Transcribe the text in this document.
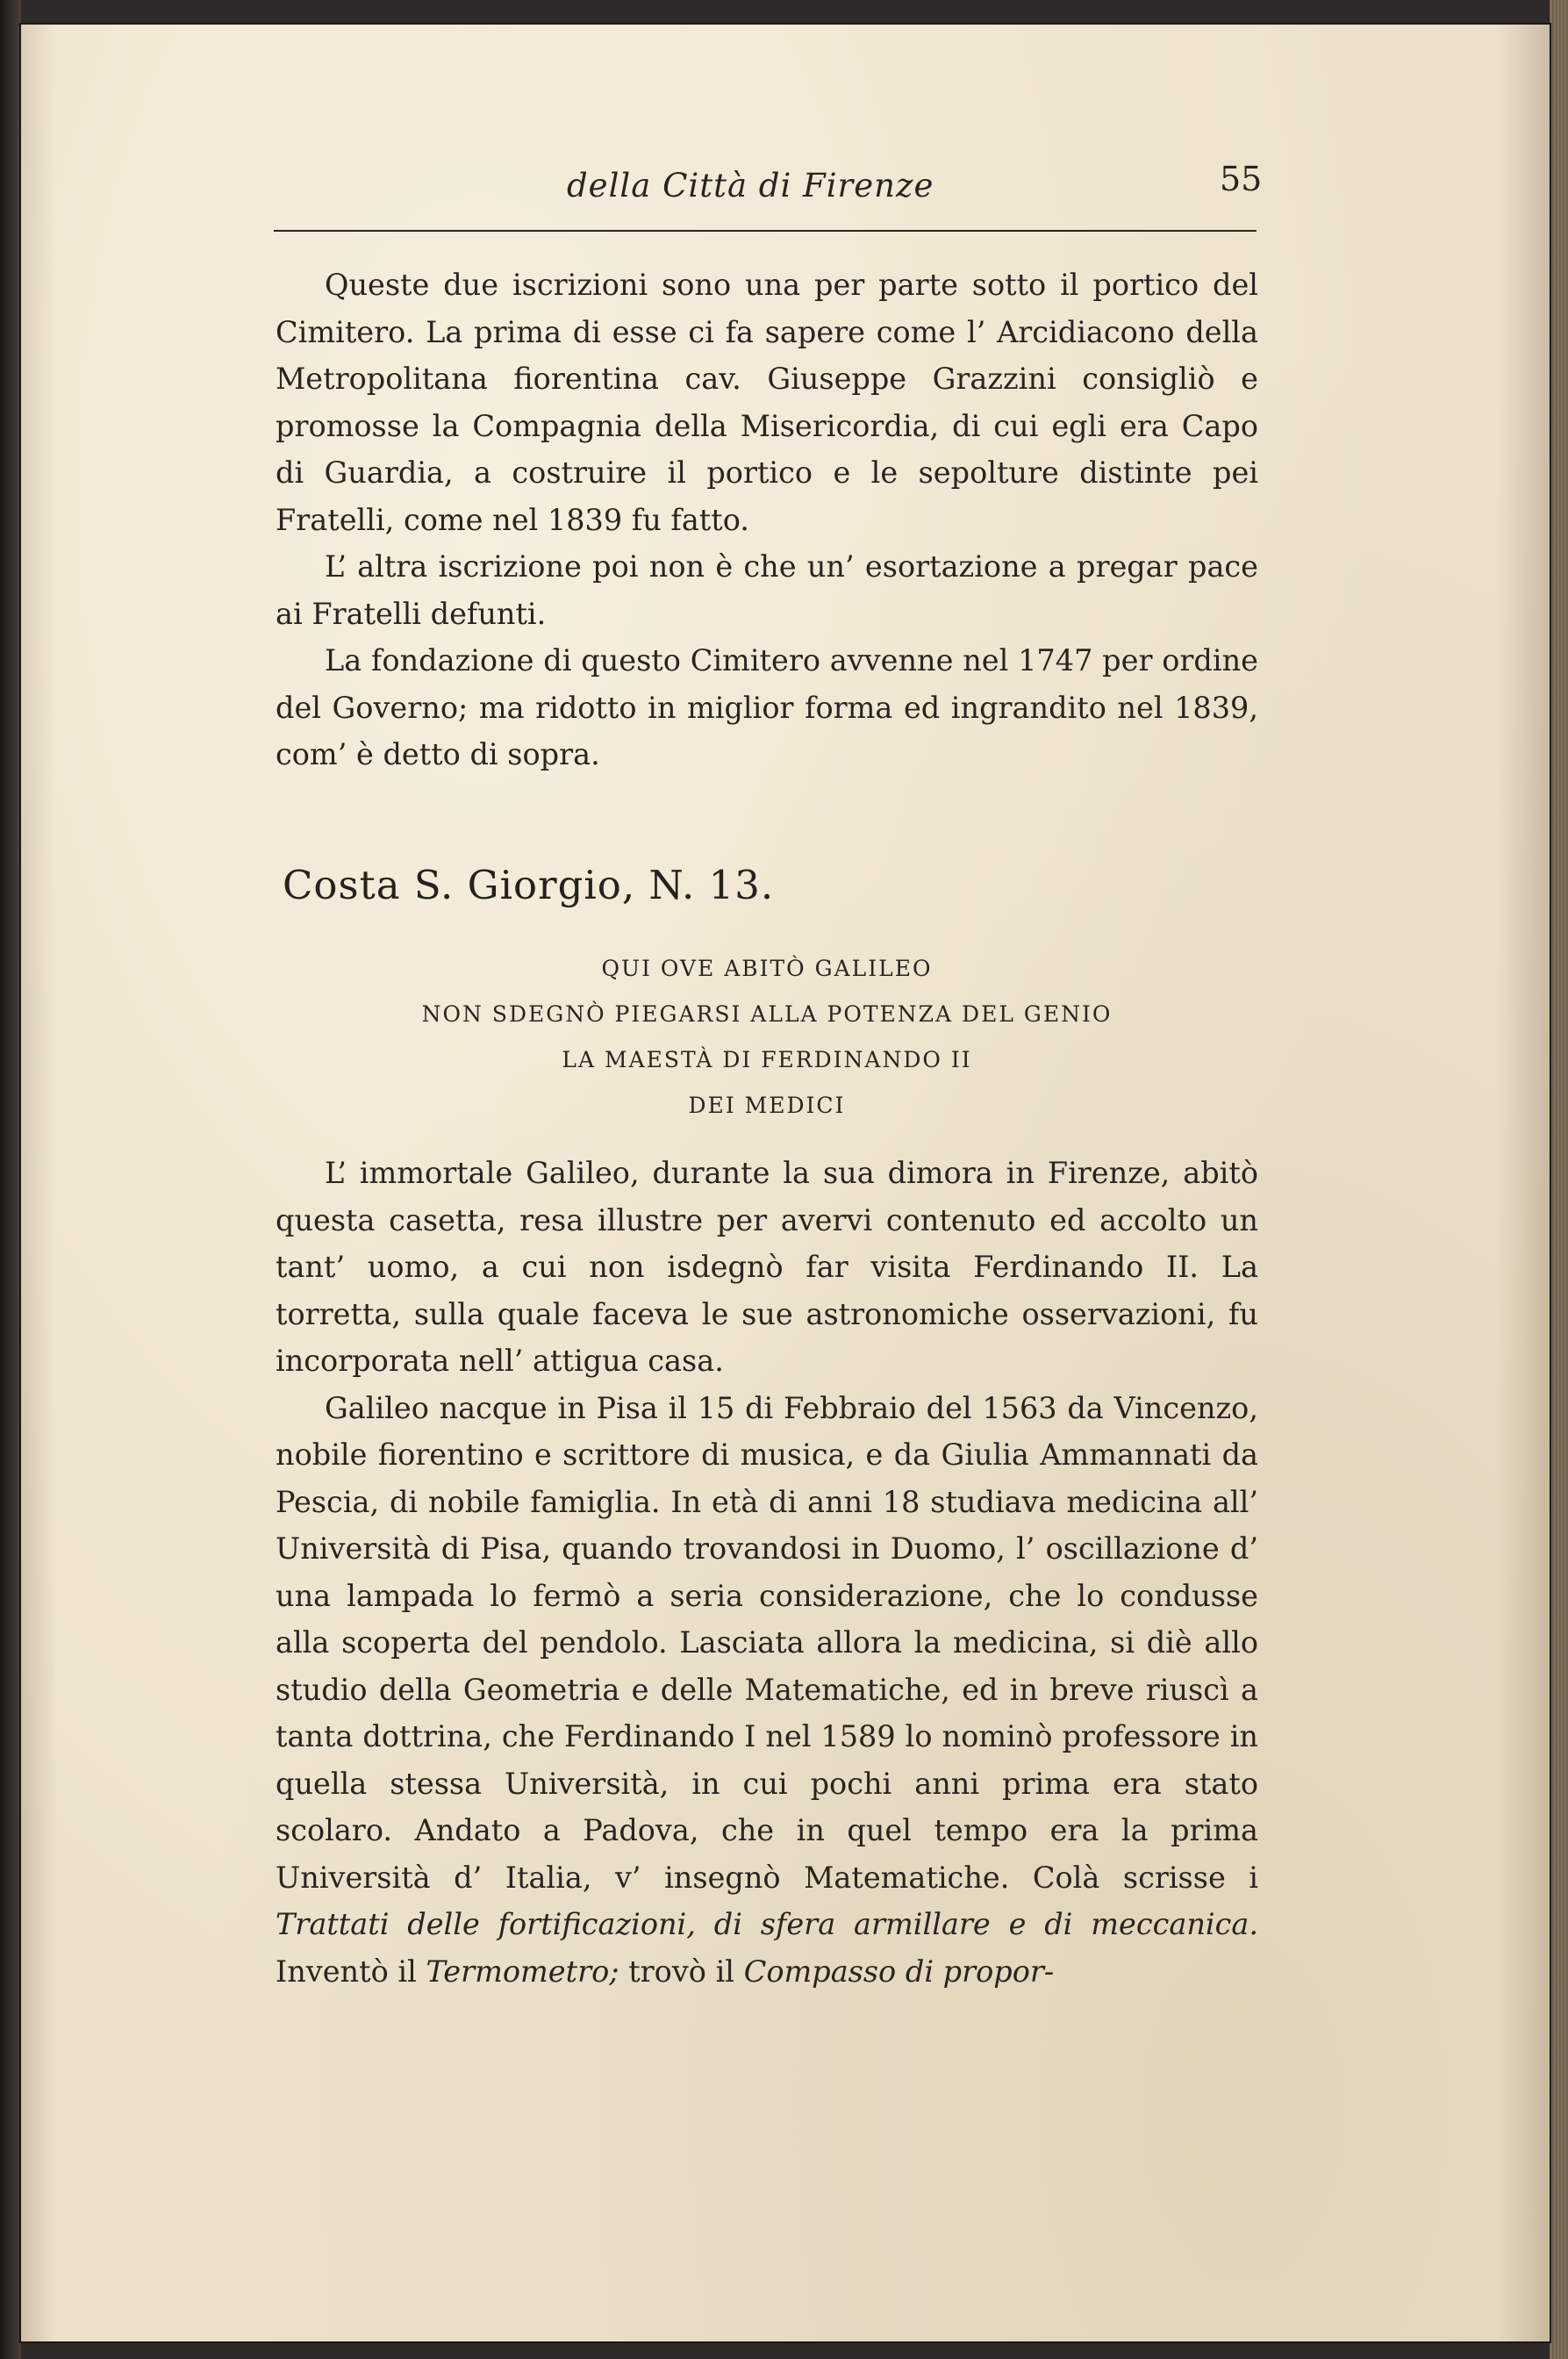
della Città di Firenze	55

Queste due iscrizioni sono una per parte sotto il portico del Cimitero. La prima di esse ci fa sapere come l’ Arcidiacono della Metropolitana fiorentina cav. Giuseppe Grazzini consigliò e promosse la Compagnia della Misericordia, di cui egli era Capo di Guardia, a costruire il portico e le sepolture distinte pei Fratelli, come nel 1839 fu fatto.

L’ altra iscrizione poi non è che un’ esortazione a pregar pace ai Fratelli defunti.

La fondazione di questo Cimitero avvenne nel 1747 per ordine del Governo; ma ridotto in miglior forma ed ingrandito nel 1839, com’ è detto di sopra.

Costa S. Giorgio, N. 13.
QUI OVE ABITÒ GALILEO
NON SDEGNÒ PIEGARSI ALLA POTENZA DEL GENIO
LA MAESTÀ DI FERDINANDO II
DEI MEDICI

L’ immortale Galileo, durante la sua dimora in Firenze, abitò questa casetta, resa illustre per avervi contenuto ed accolto un tant’ uomo, a cui non isdegnò far visita Ferdinando II. La torretta, sulla quale faceva le sue astronomiche osservazioni, fu incorporata nell’ attigua casa.

Galileo nacque in Pisa il 15 di Febbraio del 1563 da Vincenzo, nobile fiorentino e scrittore di musica, e da Giulia Ammannati da Pescia, di nobile famiglia. In età di anni 18 studiava medicina all’ Università di Pisa, quando trovandosi in Duomo, l’ oscillazione d’ una lampada lo fermò a seria considerazione, che lo condusse alla scoperta del pendolo. Lasciata allora la medicina, si diè allo studio della Geometria e delle Matematiche, ed in breve riuscì a tanta dottrina, che Ferdinando I nel 1589 lo nominò professore in quella stessa Università, in cui pochi anni prima era stato scolaro. Andato a Padova, che in quel tempo era la prima Università d’ Italia, v’ insegnò Matematiche. Colà scrisse i Trattati delle fortificazioni, di sfera armillare e di meccanica. Inventò il Termometro; trovò il Compasso di propor-
